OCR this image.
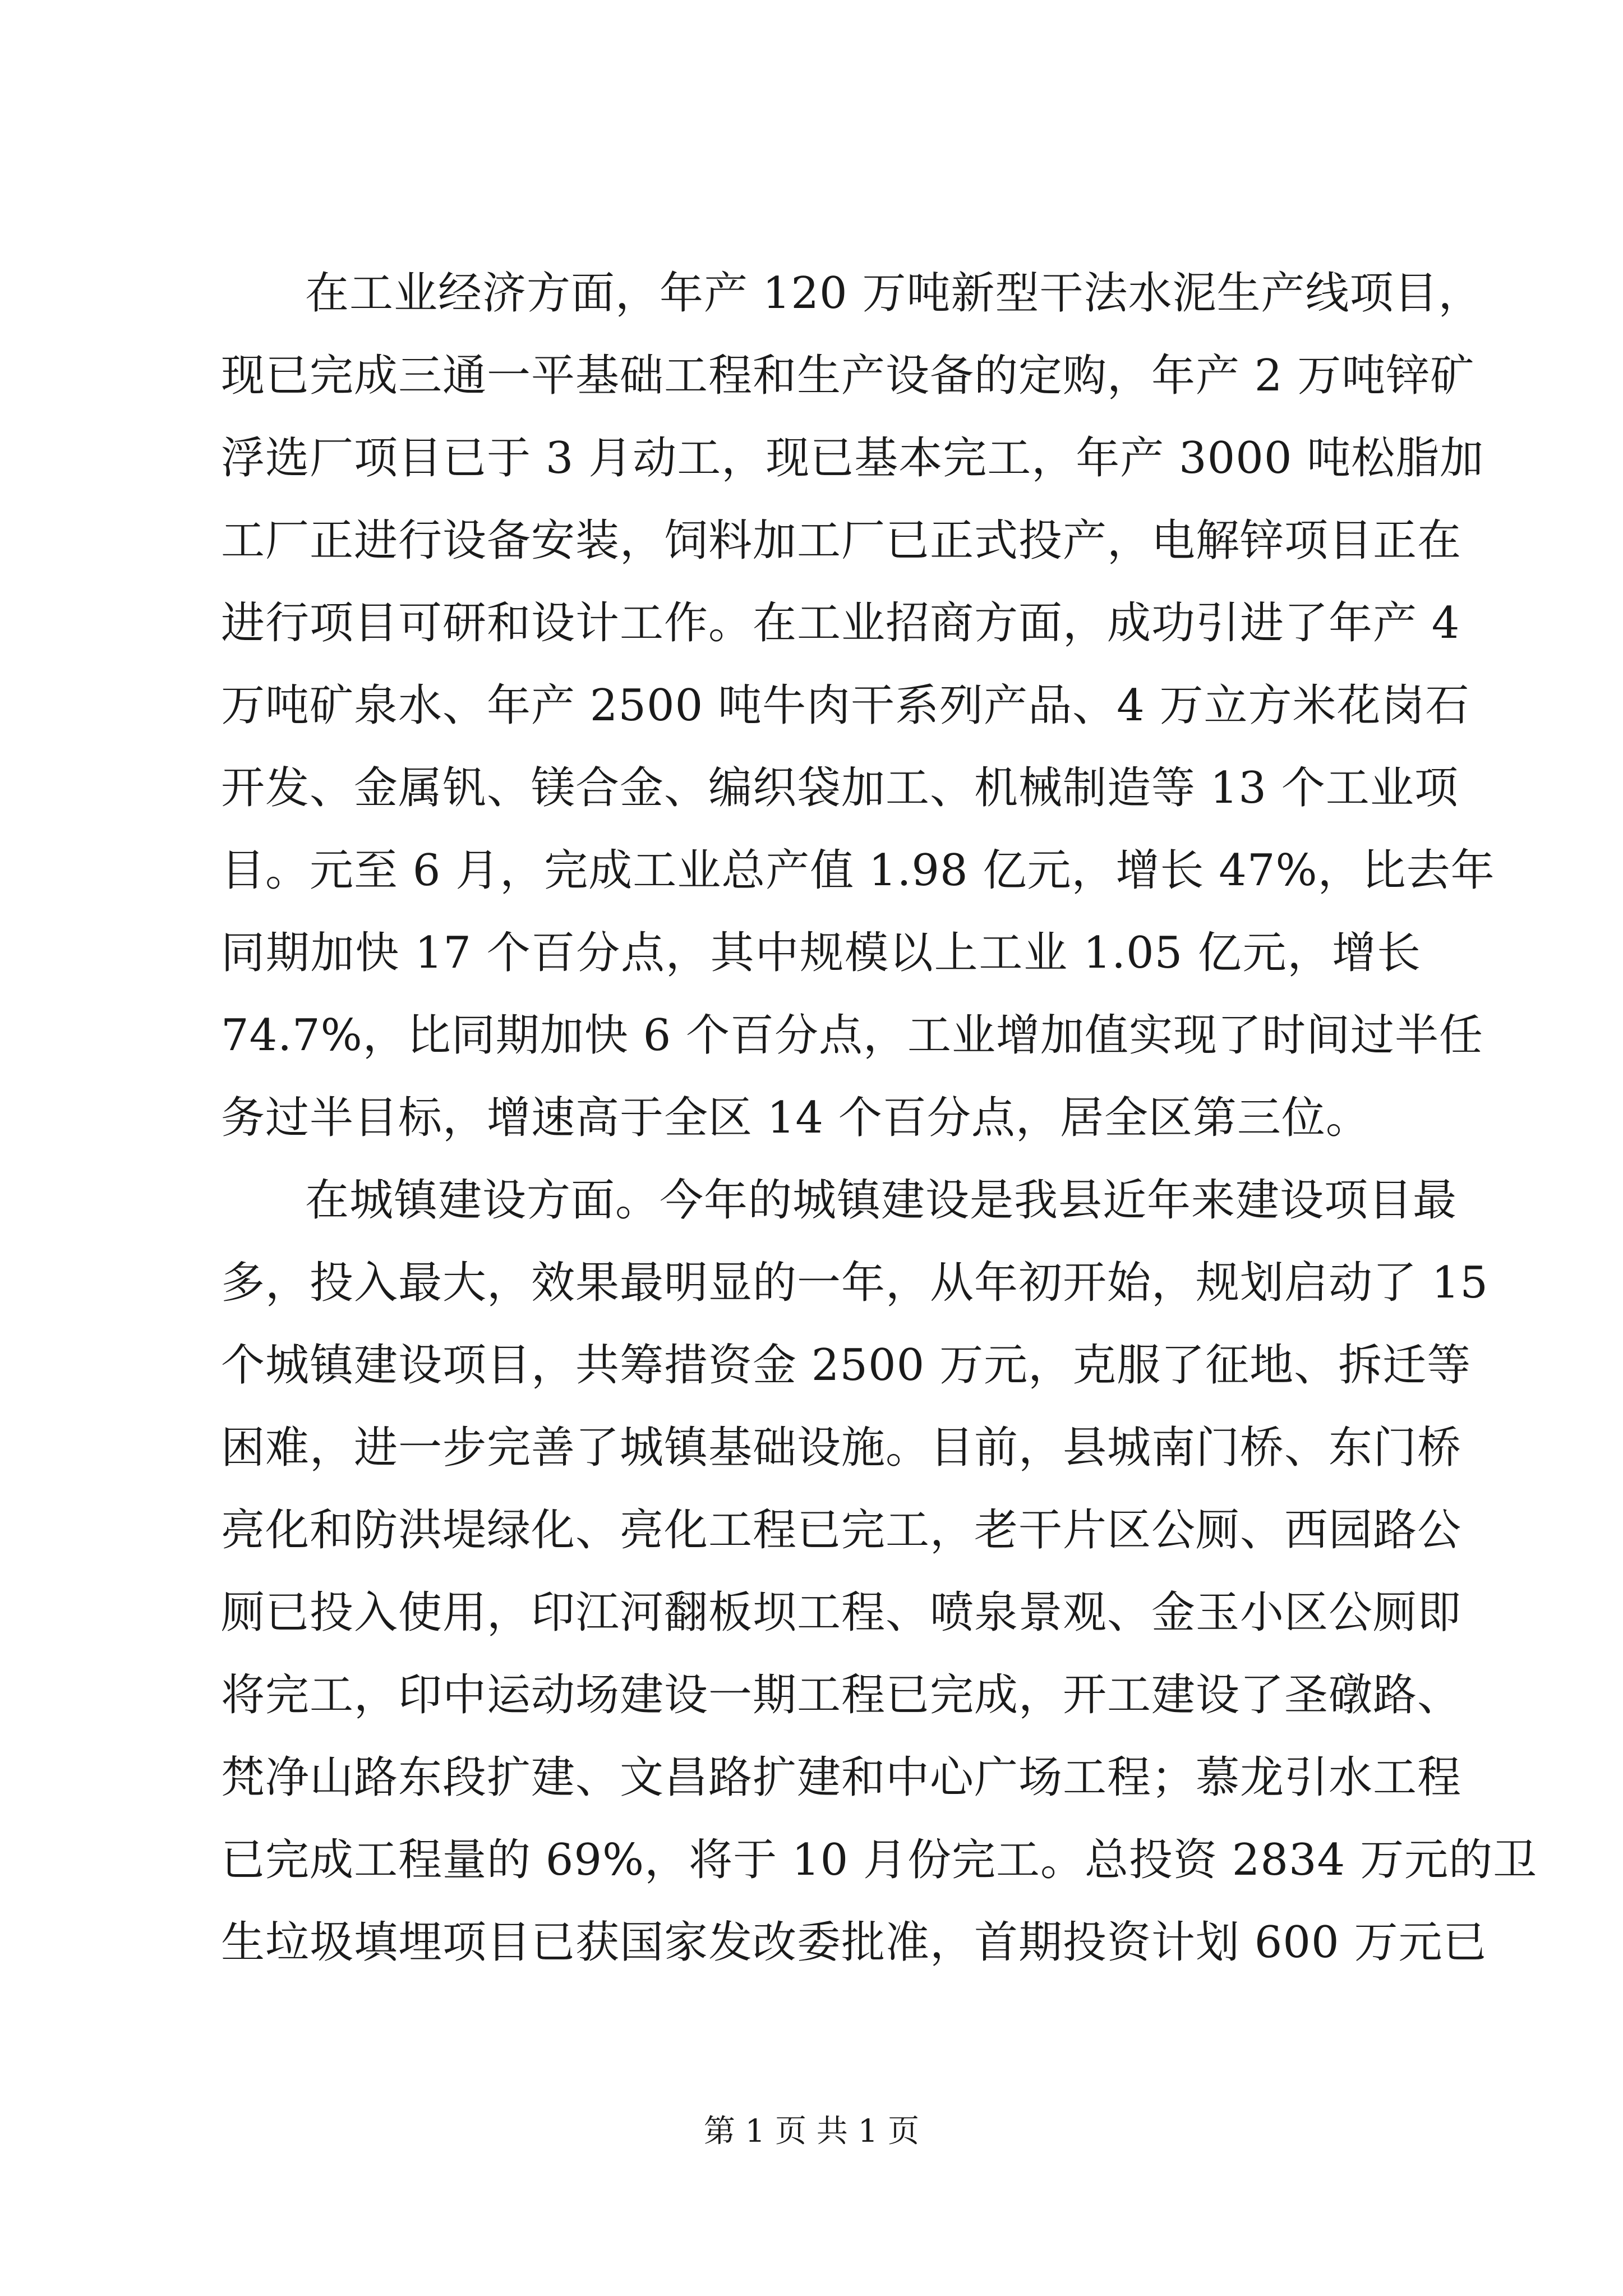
在工业经济方面，年产 120 万吨新型干法水泥生产线项目，
现已完成三通一平基础工程和生产设备的定购，年产 2 万吨锌矿
浮选厂项目已于 3 月动工，现已基本完工，年产 3000 吨松脂加
工厂正进行设备安装，饲料加工厂已正式投产，电解锌项目正在
进行项目可研和设计工作。在工业招商方面，成功引进了年产 4
万吨矿泉水、年产 2500 吨牛肉干系列产品、4 万立方米花岗石
开发、金属钒、镁合金、编织袋加工、机械制造等 13 个工业项
目。元至 6 月，完成工业总产值 1.98 亿元，增长 47%，比去年
同期加快 17 个百分点，其中规模以上工业 1.05 亿元，增长
74.7%，比同期加快 6 个百分点，工业增加值实现了时间过半任
务过半目标，增速高于全区 14 个百分点，居全区第三位。
在城镇建设方面。今年的城镇建设是我县近年来建设项目最
多，投入最大，效果最明显的一年，从年初开始，规划启动了 15
个城镇建设项目，共筹措资金 2500 万元，克服了征地、拆迁等
困难，进一步完善了城镇基础设施。目前，县城南门桥、东门桥
亮化和防洪堤绿化、亮化工程已完工，老干片区公厕、西园路公
厕已投入使用，印江河翻板坝工程、喷泉景观、金玉小区公厕即
将完工，印中运动场建设一期工程已完成，开工建设了圣礅路、
梵净山路东段扩建、文昌路扩建和中心广场工程；慕龙引水工程
已完成工程量的 69%，将于 10 月份完工。总投资 2834 万元的卫
生垃圾填埋项目已获国家发改委批准，首期投资计划 600 万元已
第 1 页 共 1 页
